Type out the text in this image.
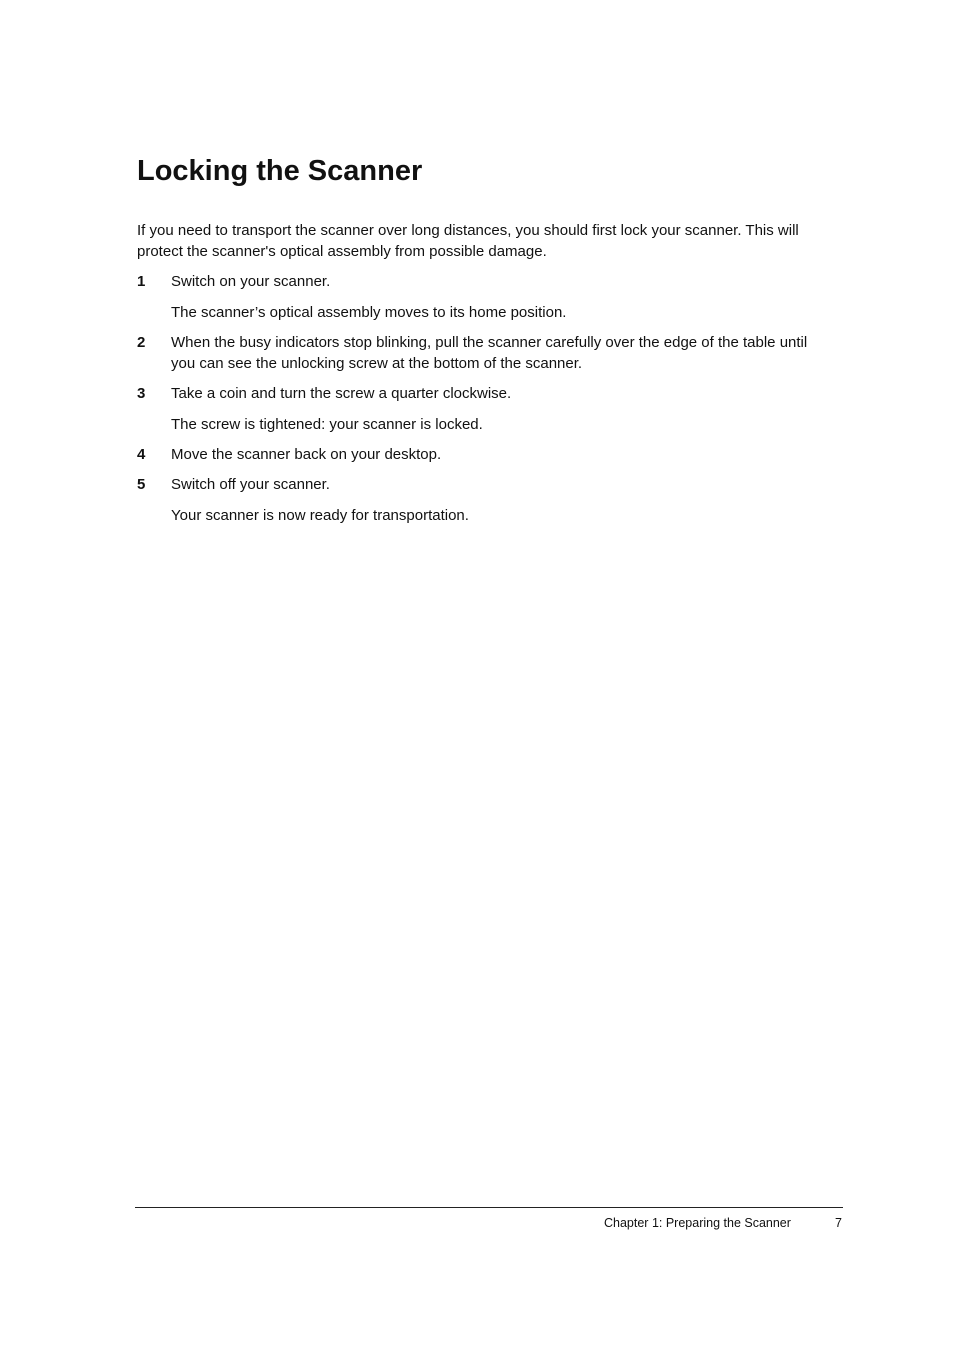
Locking the Scanner

If you need to transport the scanner over long distances, you should first lock your scanner. This will protect the scanner's optical assembly from possible damage.

1 Switch on your scanner.
The scanner’s optical assembly moves to its home position.
2 When the busy indicators stop blinking, pull the scanner carefully over the edge of the table until you can see the unlocking screw at the bottom of the scanner.
3 Take a coin and turn the screw a quarter clockwise.
The screw is tightened: your scanner is locked.
4 Move the scanner back on your desktop.
5 Switch off your scanner.
Your scanner is now ready for transportation.
Chapter 1: Preparing the Scanner	7
